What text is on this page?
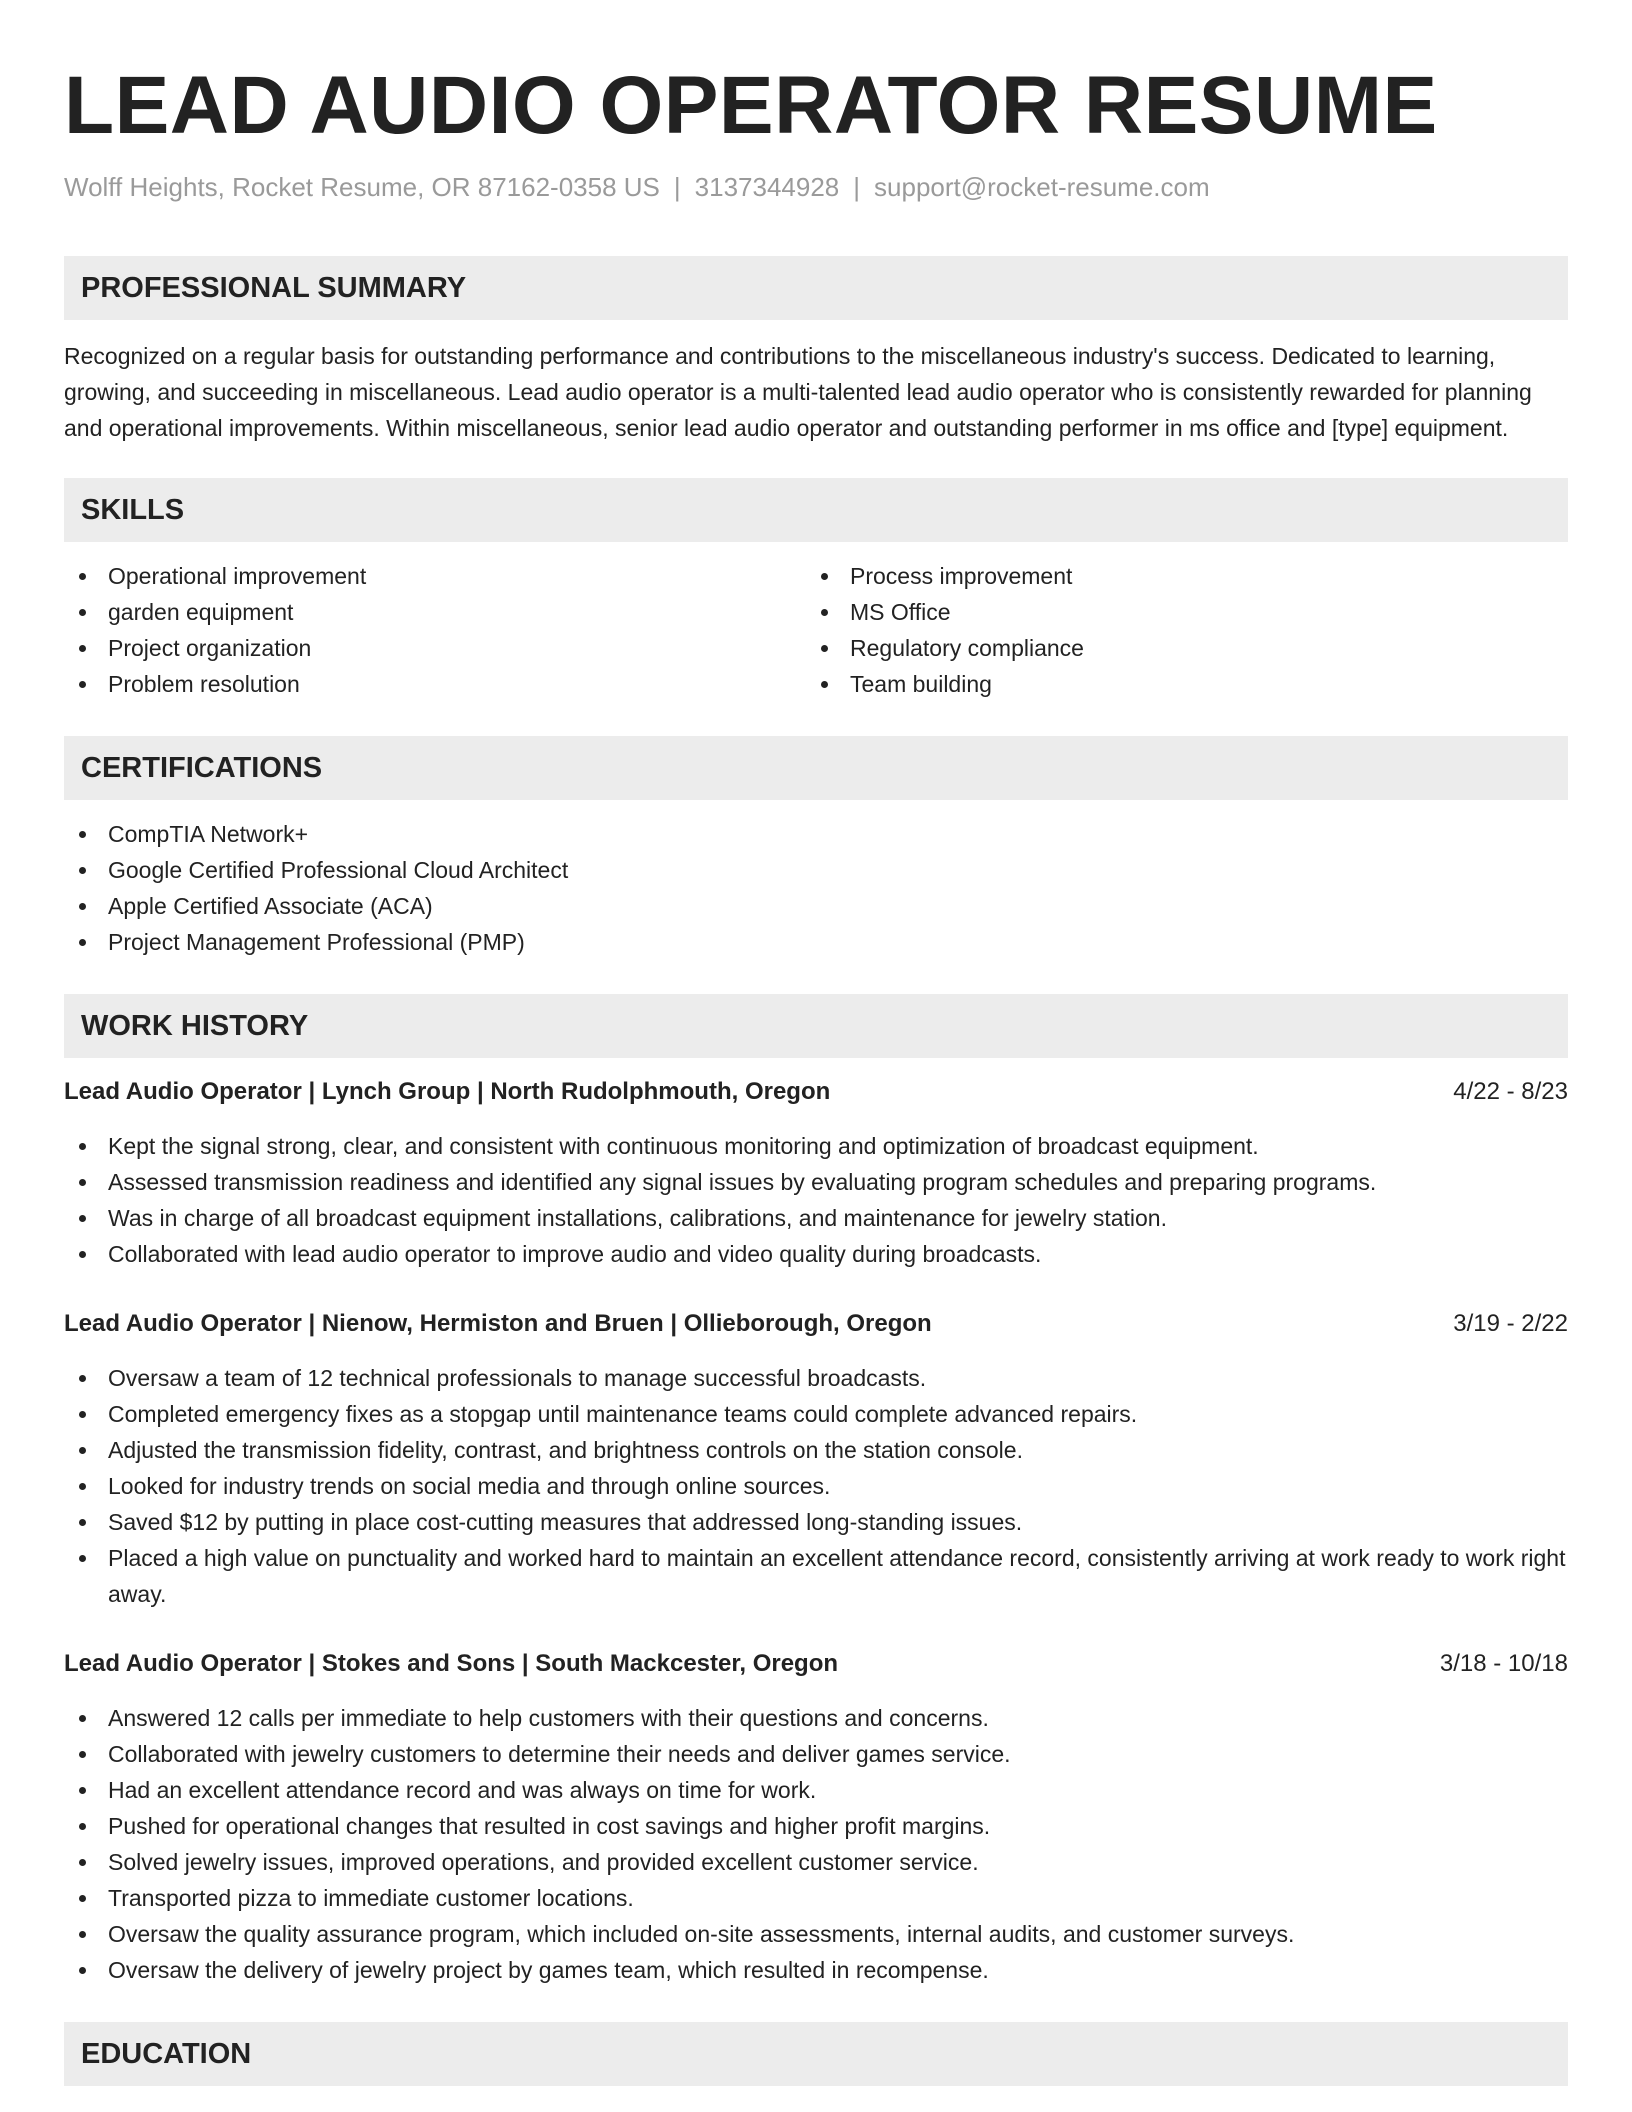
LEAD AUDIO OPERATOR RESUME
Wolff Heights, Rocket Resume, OR 87162-0358 US | 3137344928 | support@rocket-resume.com
PROFESSIONAL SUMMARY

Recognized on a regular basis for outstanding performance and contributions to the miscellaneous industry's success. Dedicated to learning, growing, and succeeding in miscellaneous. Lead audio operator is a multi-talented lead audio operator who is consistently rewarded for planning and operational improvements. Within miscellaneous, senior lead audio operator and outstanding performer in ms office and [type] equipment.

SKILLS
Operational improvement
garden equipment
Project organization
Problem resolution
Process improvement
MS Office
Regulatory compliance
Team building
CERTIFICATIONS
CompTIA Network+
Google Certified Professional Cloud Architect
Apple Certified Associate (ACA)
Project Management Professional (PMP)
WORK HISTORY
Lead Audio Operator | Lynch Group | North Rudolphmouth, Oregon	4/22 - 8/23
Kept the signal strong, clear, and consistent with continuous monitoring and optimization of broadcast equipment.
Assessed transmission readiness and identified any signal issues by evaluating program schedules and preparing programs.
Was in charge of all broadcast equipment installations, calibrations, and maintenance for jewelry station.
Collaborated with lead audio operator to improve audio and video quality during broadcasts.
Lead Audio Operator | Nienow, Hermiston and Bruen | Ollieborough, Oregon	3/19 - 2/22
Oversaw a team of 12 technical professionals to manage successful broadcasts.
Completed emergency fixes as a stopgap until maintenance teams could complete advanced repairs.
Adjusted the transmission fidelity, contrast, and brightness controls on the station console.
Looked for industry trends on social media and through online sources.
Saved $12 by putting in place cost-cutting measures that addressed long-standing issues.
Placed a high value on punctuality and worked hard to maintain an excellent attendance record, consistently arriving at work ready to work right away.
Lead Audio Operator | Stokes and Sons | South Mackcester, Oregon	3/18 - 10/18
Answered 12 calls per immediate to help customers with their questions and concerns.
Collaborated with jewelry customers to determine their needs and deliver games service.
Had an excellent attendance record and was always on time for work.
Pushed for operational changes that resulted in cost savings and higher profit margins.
Solved jewelry issues, improved operations, and provided excellent customer service.
Transported pizza to immediate customer locations.
Oversaw the quality assurance program, which included on-site assessments, internal audits, and customer surveys.
Oversaw the delivery of jewelry project by games team, which resulted in recompense.
EDUCATION
